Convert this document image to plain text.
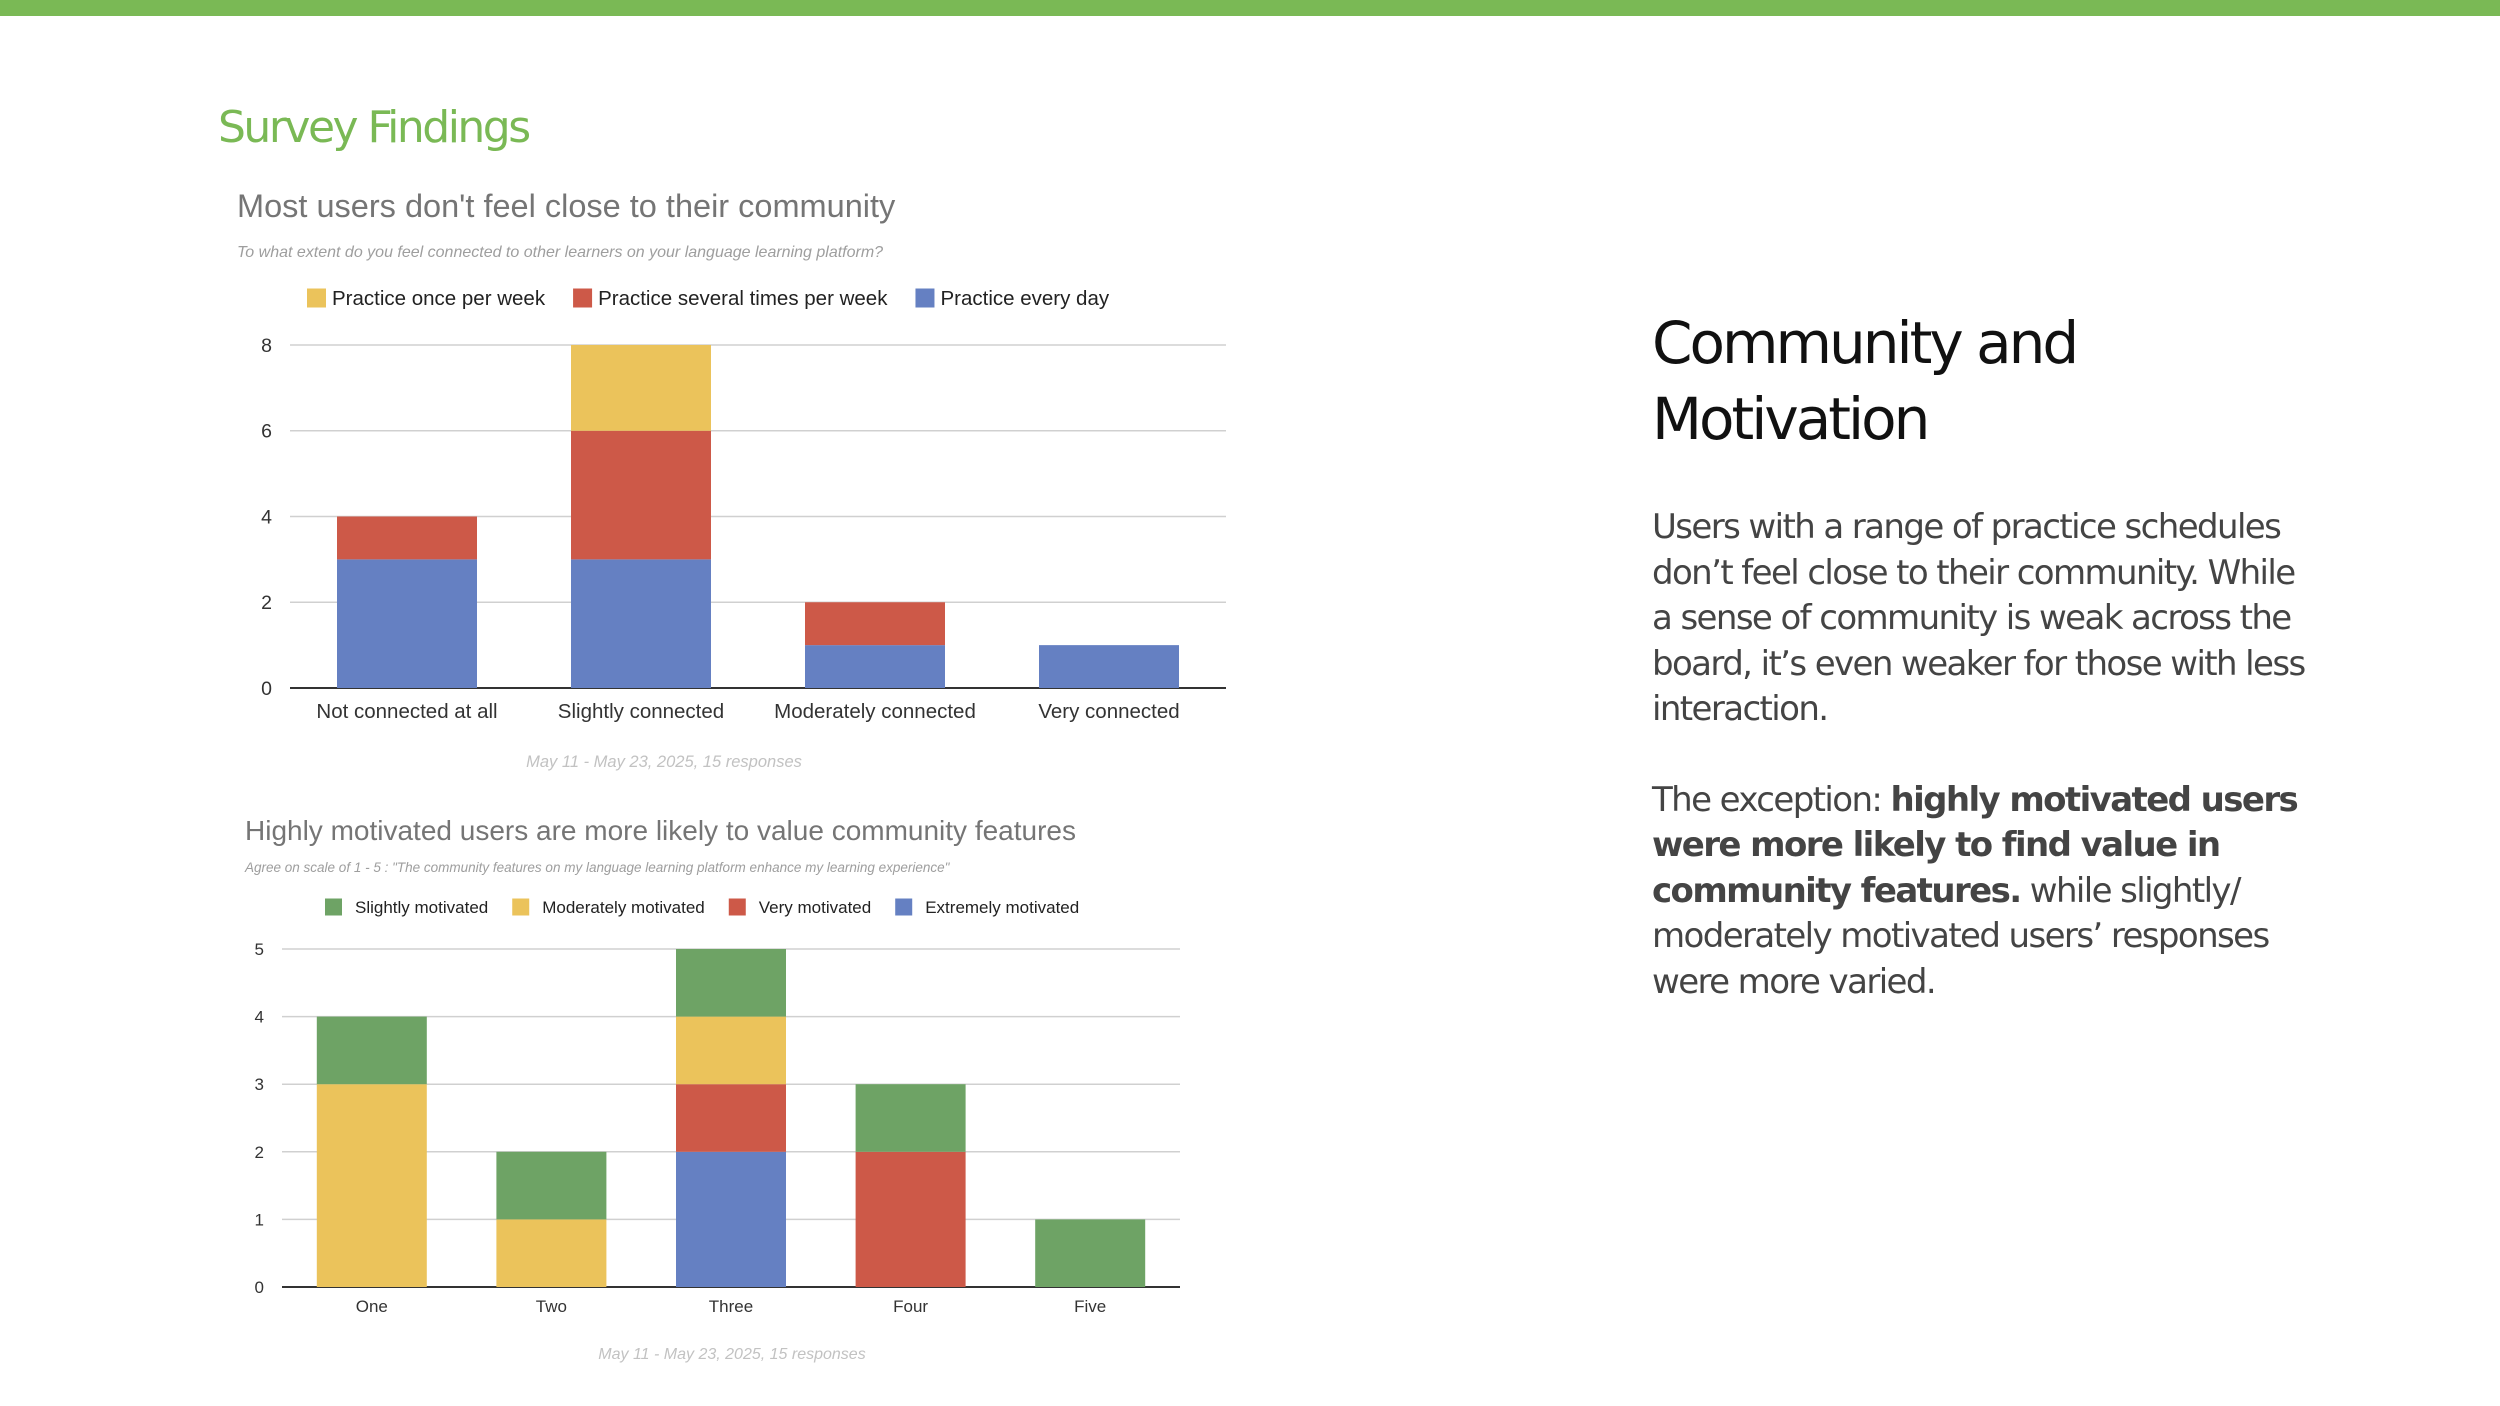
Survey Findings
Most users don't feel close to their community
To what extent do you feel connected to other learners on your language learning platform?
Practice once per week	Practice several times per week	Practice every day
0
2
4
6
8
Not connected at all	Slightly connected Moderately connected	Very connected
May 11 - May 23, 2025, 15 responses
Highly motivated users are more likely to value community features
Agree on scale of 1 - 5 : "The community features on my language learning platform enhance my learning experience"
Slightly motivated	Moderately motivated	Very motivated	Extremely motivated
0
1
2
3
4
5
One	Two	Three	Four	Five
May 11 - May 23, 2025, 15 responses
Community and Motivation

Users with a range of practice schedules don’t feel close to their community. While a sense of community is weak across the board, it’s even weaker for those with less interaction.

The exception: highly motivated users were more likely to find value in community features. while slightly/ moderately motivated users’ responses were more varied.
